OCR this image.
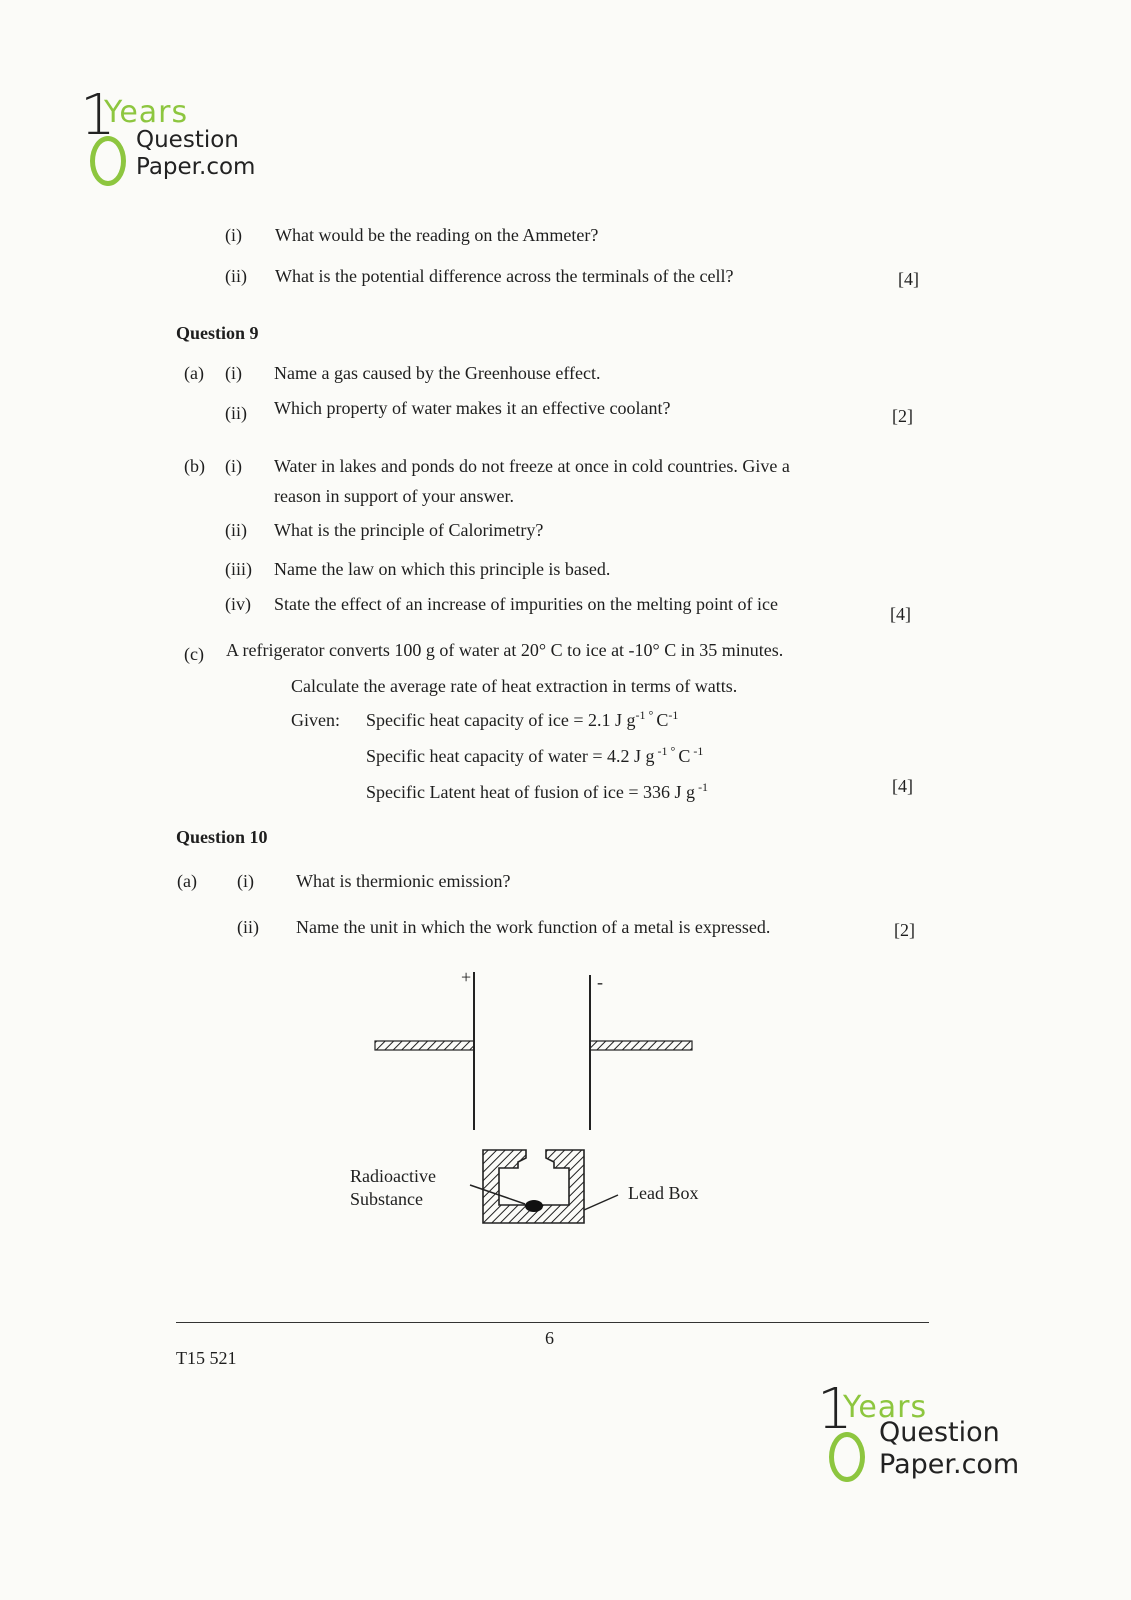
1
Years
Question
Paper.com
(i) What would be the reading on the Ammeter?
(ii) What is the potential difference across the terminals of the cell?	[4]
Question 9
(a) (i) Name a gas caused by the Greenhouse effect.
(ii) Which property of water makes it an effective coolant?	[2]
(b) (i) Water in lakes and ponds do not freeze at once in cold countries. Give a
reason in support of your answer.
(ii) What is the principle of Calorimetry?
(iii) Name the law on which this principle is based.
(iv) State the effect of an increase of impurities on the melting point of ice	[4]
(c) A refrigerator converts 100 g of water at 20° C to ice at -10° C in 35 minutes.
Calculate the average rate of heat extraction in terms of watts.
Given: Specific heat capacity of ice = 2.1 J $g^{-1 ^\circ}$ $C^{-1}$
Specific heat capacity of water = 4.2 J g $^{-1 ^\circ}$ C $^{-1}$
Specific Latent heat of fusion of ice = 336 J g $^{-1}$	[4]
Question 10
(a) (i) What is thermionic emission?
(ii) Name the unit in which the work function of a metal is expressed.	[2]
+	-
Radioactive
Substance	Lead Box
6
T15 521
1
Years
Question
Paper.com
